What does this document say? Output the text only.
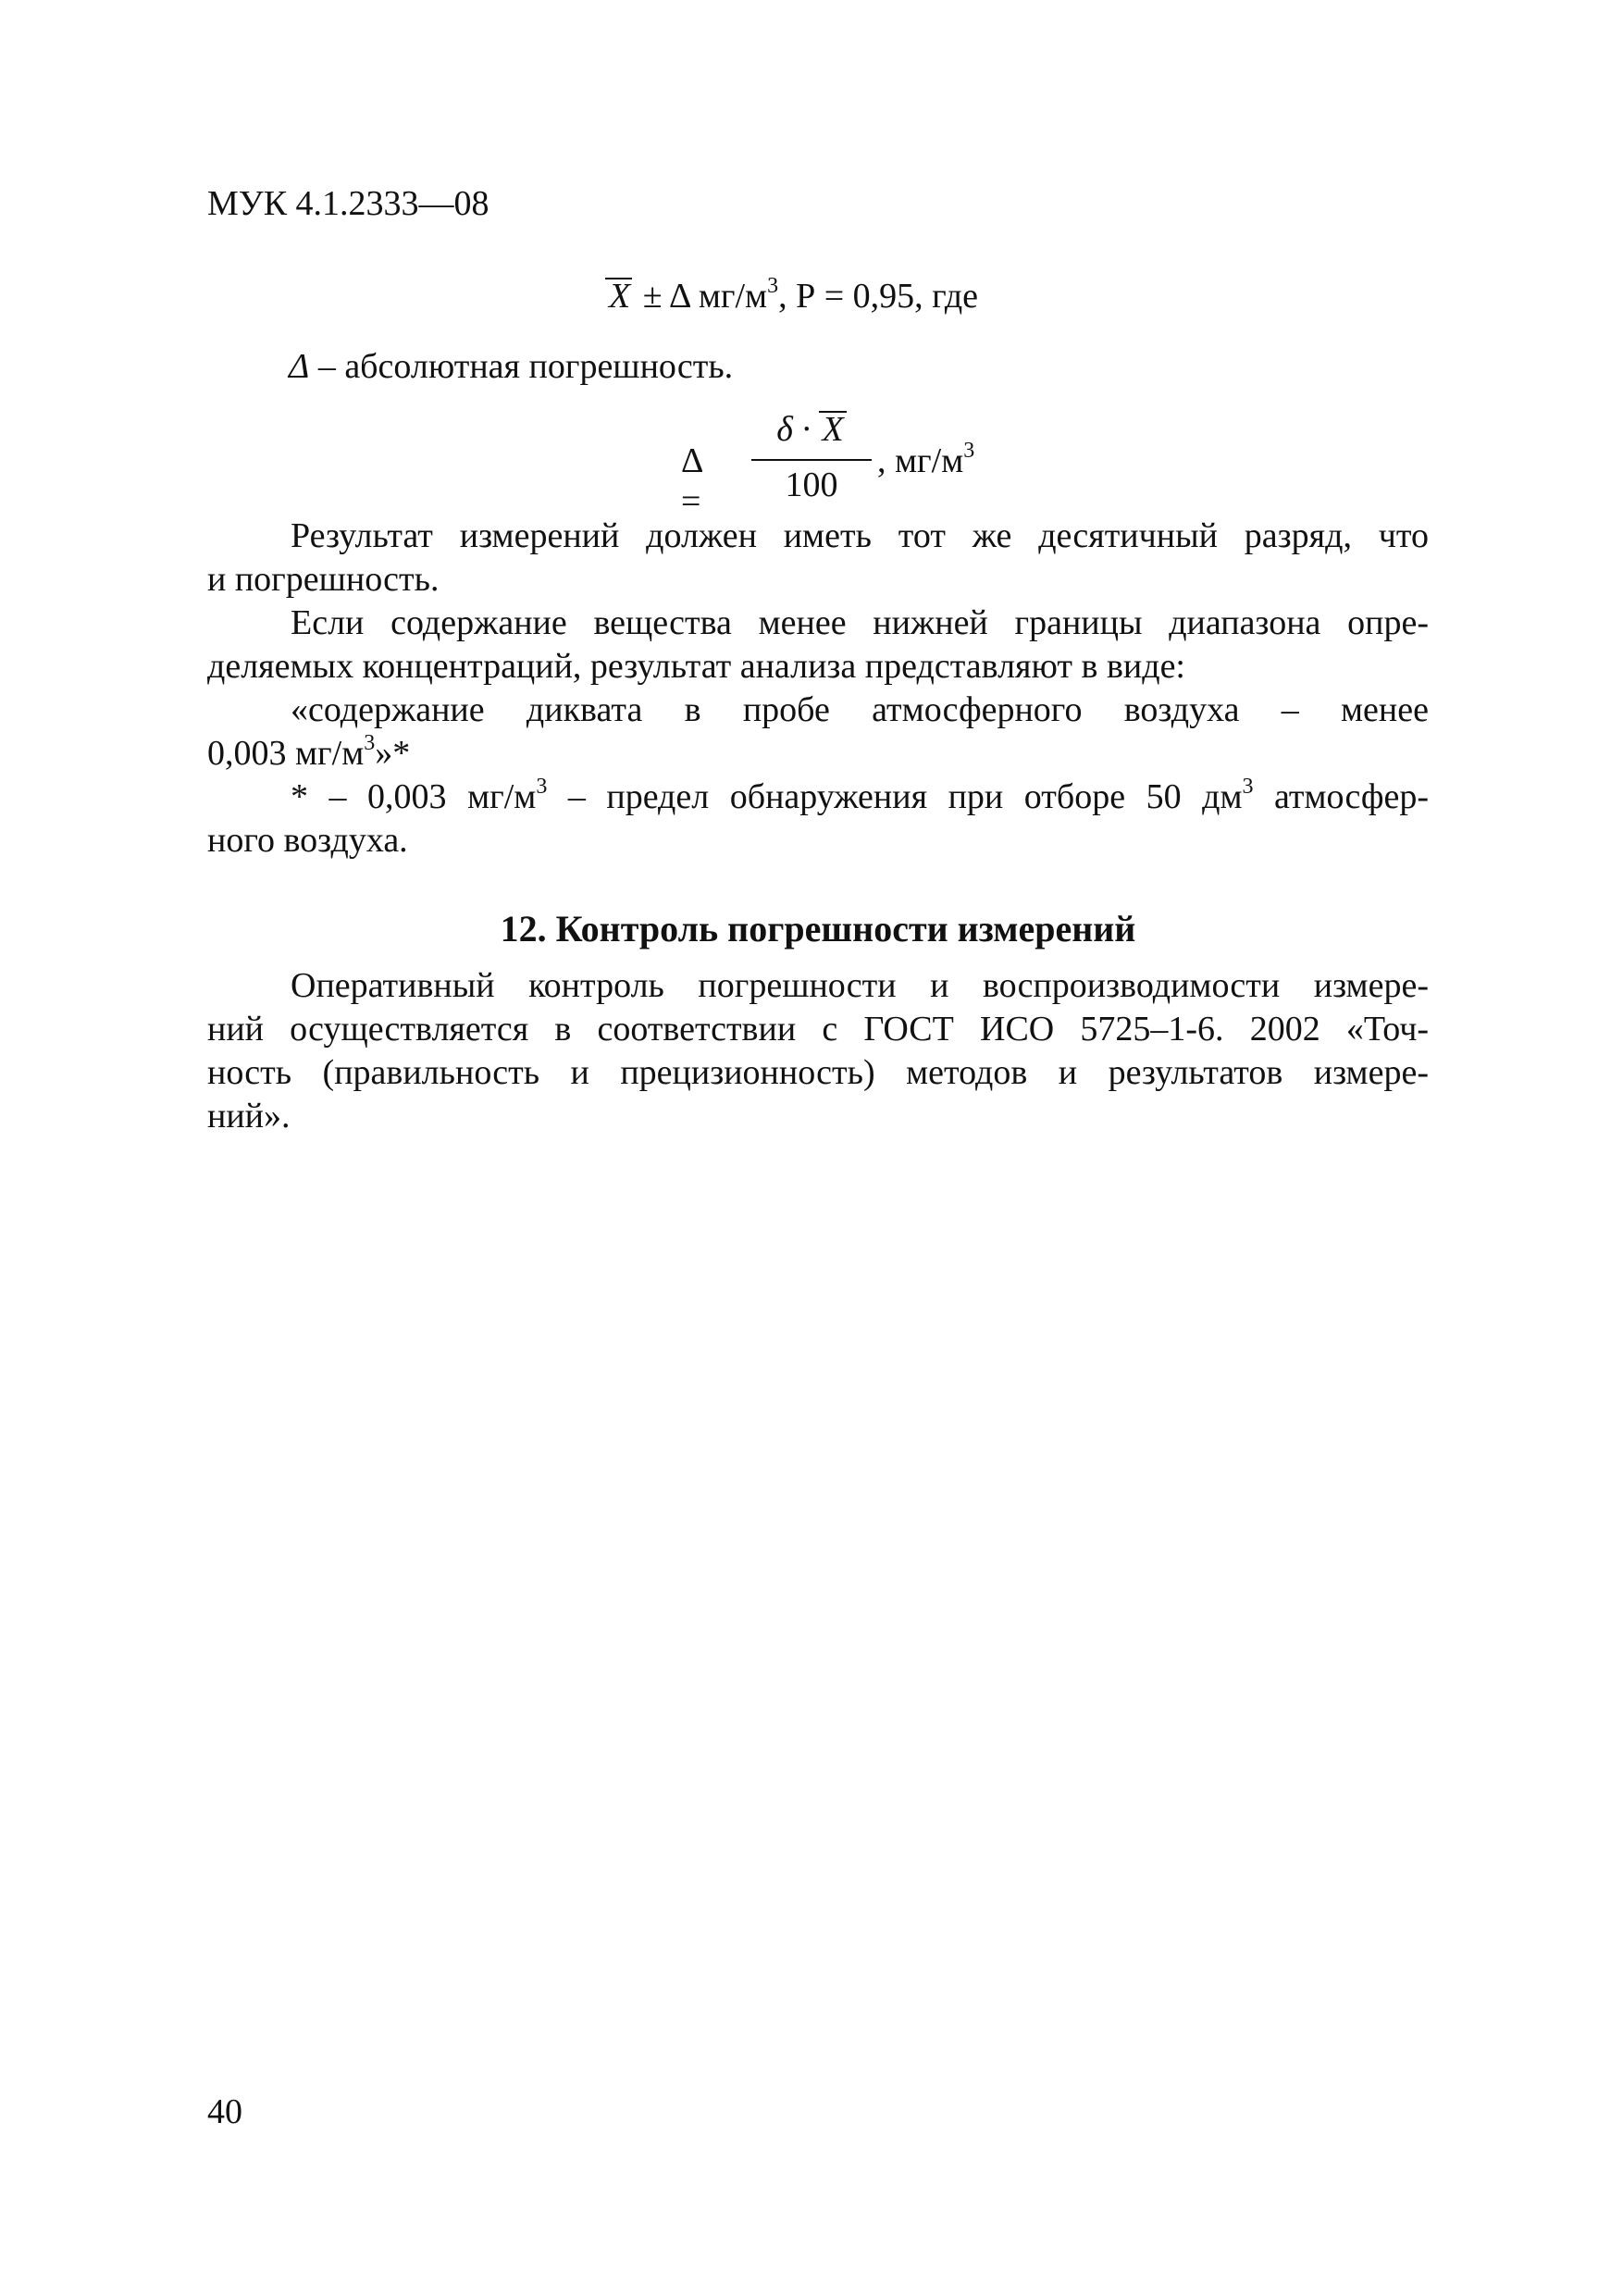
МУК 4.1.2333—08
X ± Δ $мг/м^3$, Р = 0,95, где
Δ – абсолютная погрешность.
Δ =
δ · X
100
, $мг/м^3$
Результат измерений должен иметь тот же десятичный разряд, что
и погрешность.
Если содержание вещества менее нижней границы диапазона опре-
деляемых концентраций, результат анализа представляют в виде:
«содержание диквата в пробе атмосферного воздуха – менее
0,003 $мг/м^3»*$
* – 0,003 $мг/м^3$ – предел обнаружения при отборе 50 $дм^3$ атмосфер-
ного воздуха.
12. Контроль погрешности измерений
Оперативный контроль погрешности и воспроизводимости измере-
ний осуществляется в соответствии с ГОСТ ИСО 5725–1-6. 2002 «Точ-
ность (правильность и прецизионность) методов и результатов измере-
ний».
40
